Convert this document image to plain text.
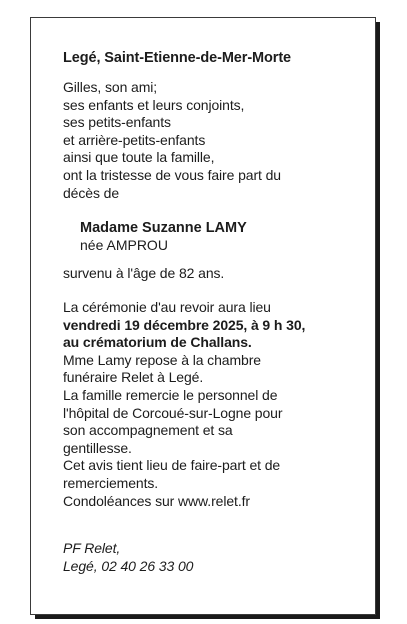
Legé, Saint-Etienne-de-Mer-Morte
Gilles, son ami;
ses enfants et leurs conjoints,
ses petits-enfants
et arrière-petits-enfants
ainsi que toute la famille,
ont la tristesse de vous faire part du
décès de
Madame Suzanne LAMY
née AMPROU
survenu à l'âge de 82 ans.
La cérémonie d'au revoir aura lieu
vendredi 19 décembre 2025, à 9 h 30,
au crématorium de Challans.
Mme Lamy repose à la chambre
funéraire Relet à Legé.
La famille remercie le personnel de
l'hôpital de Corcoué-sur-Logne pour
son accompagnement et sa
gentillesse.
Cet avis tient lieu de faire-part et de
remerciements.
Condoléances sur www.relet.fr
PF Relet,
Legé, 02 40 26 33 00
